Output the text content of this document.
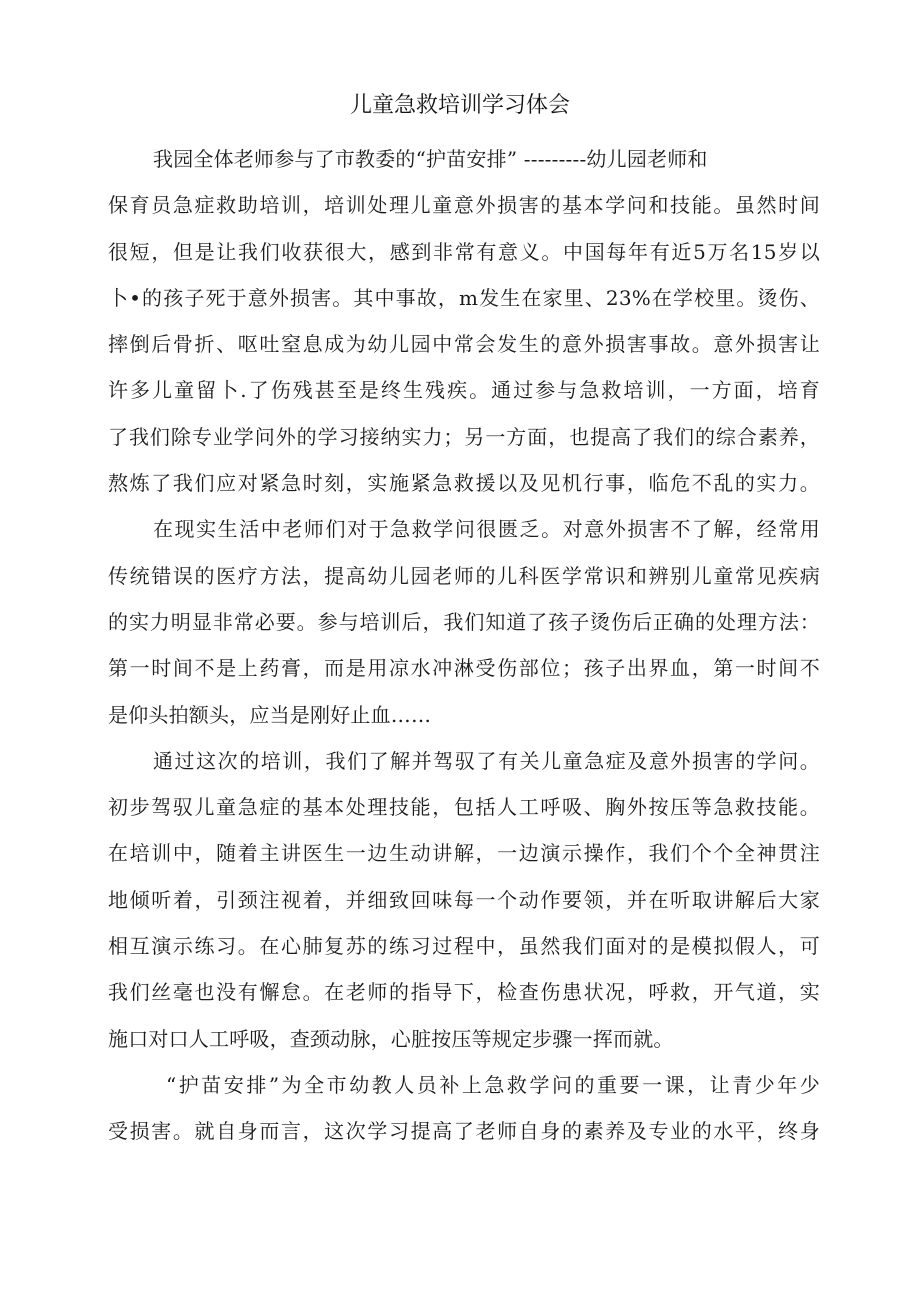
儿童急救培训学习体会
我园全体老师参与了市教委的“护苗安排” ---------幼儿园老师和
保育员急症救助培训，培训处理儿童意外损害的基本学问和技能。虽然时间
很短，但是让我们收获很大，感到非常有意义。中国每年有近5万名15岁以
卜•的孩子死于意外损害。其中事故，m发生在家里、23%在学校里。烫伤、
摔倒后骨折、呕吐窒息成为幼儿园中常会发生的意外损害事故。意外损害让
许多儿童留卜.了伤残甚至是终生残疾。通过参与急救培训，一方面，培育
了我们除专业学问外的学习接纳实力；另一方面，也提高了我们的综合素养，
熬炼了我们应对紧急时刻，实施紧急救援以及见机行事，临危不乱的实力。
在现实生活中老师们对于急救学问很匮乏。对意外损害不了解，经常用
传统错误的医疗方法，提高幼儿园老师的儿科医学常识和辨别儿童常见疾病
的实力明显非常必要。参与培训后，我们知道了孩子烫伤后正确的处理方法：
第一时间不是上药膏，而是用凉水冲淋受伤部位；孩子出界血，第一时间不
是仰头拍额头，应当是刚好止血……
通过这次的培训，我们了解并驾驭了有关儿童急症及意外损害的学问。
初步驾驭儿童急症的基本处理技能，包括人工呼吸、胸外按压等急救技能。
在培训中，随着主讲医生一边生动讲解，一边演示操作，我们个个全神贯注
地倾听着，引颈注视着，并细致回味每一个动作要领，并在听取讲解后大家
相互演示练习。在心肺复苏的练习过程中，虽然我们面对的是模拟假人，可
我们丝毫也没有懈怠。在老师的指导下，检查伤患状况，呼救，开气道，实
施口对口人工呼吸，查颈动脉，心脏按压等规定步骤一挥而就。
“护苗安排”为全市幼教人员补上急救学问的重要一课，让青少年少
受损害。就自身而言，这次学习提高了老师自身的素养及专业的水平，终身
